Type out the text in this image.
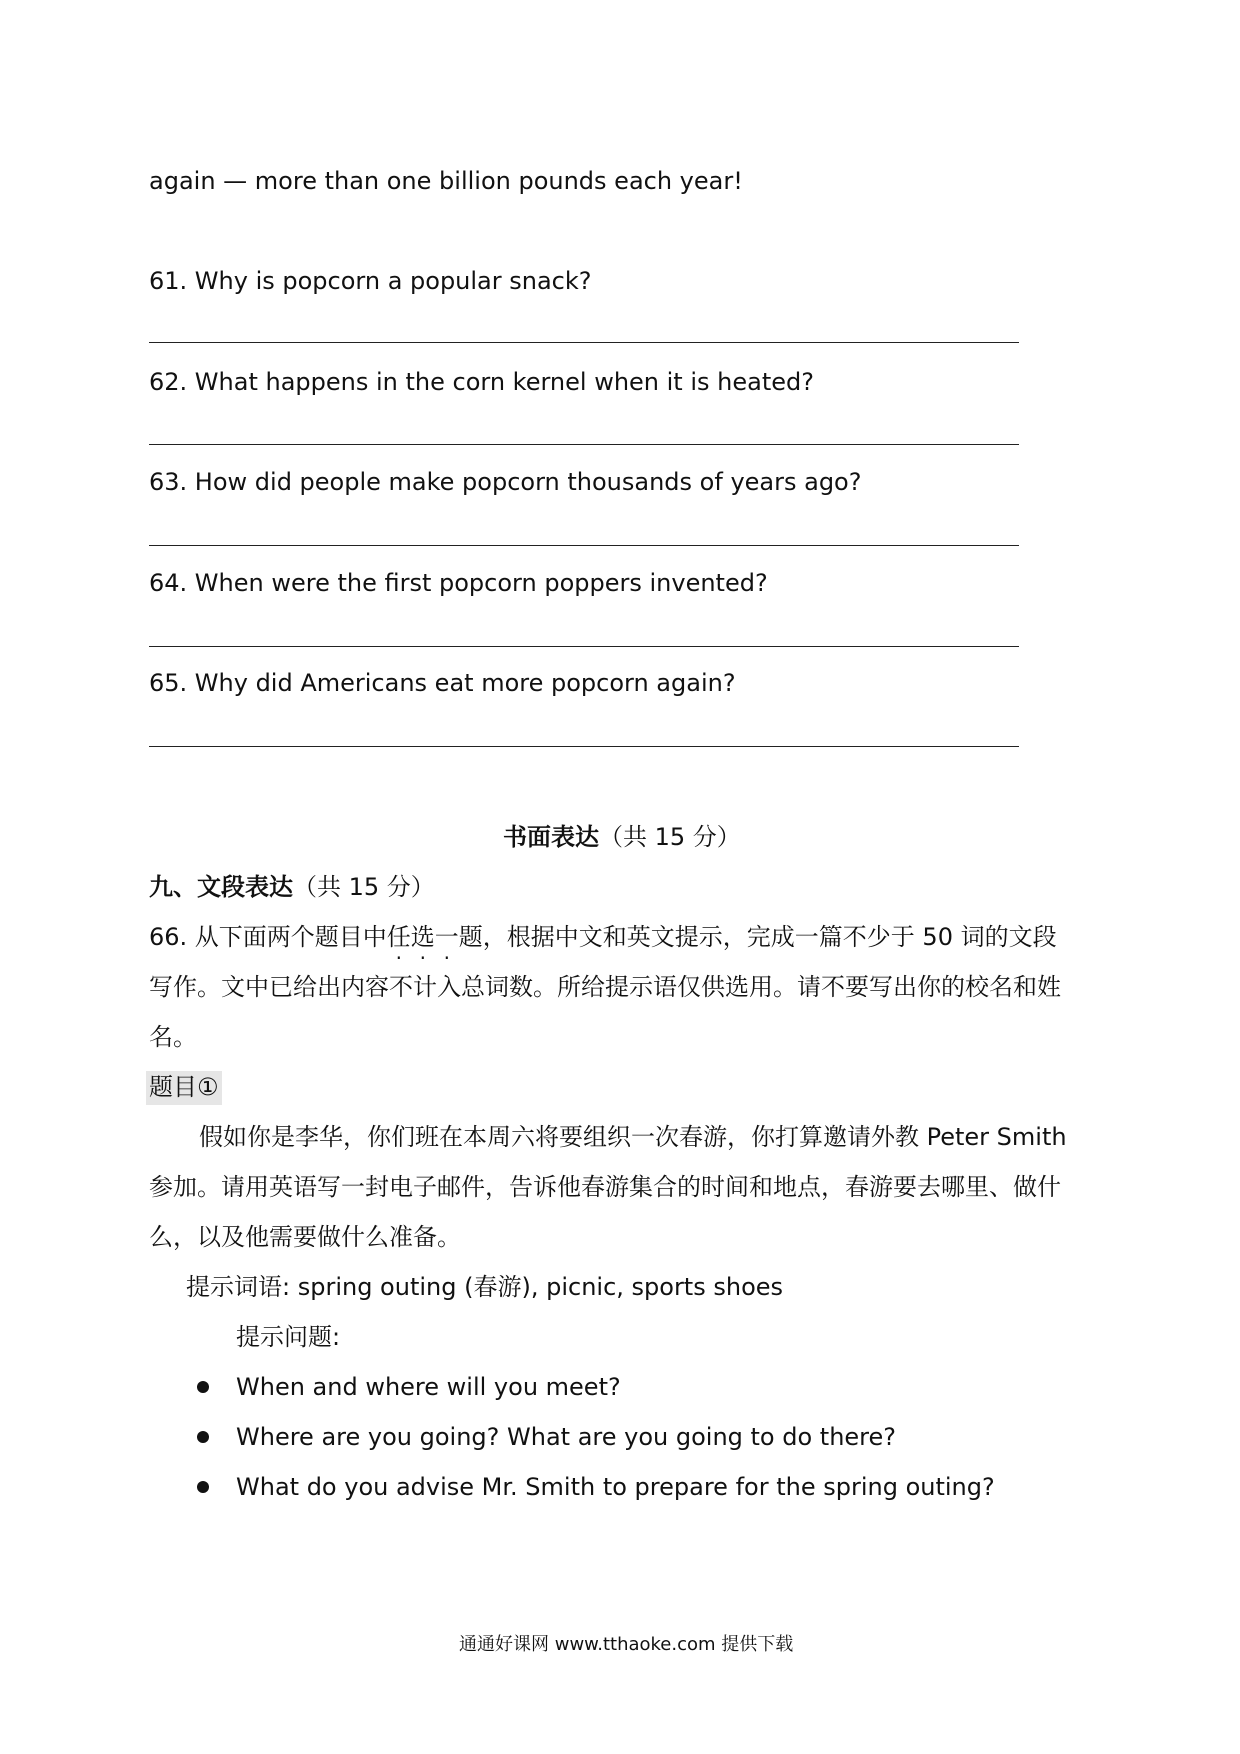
again — more than one billion pounds each year!
61. Why is popcorn a popular snack?
62. What happens in the corn kernel when it is heated?
63. How did people make popcorn thousands of years ago?
64. When were the first popcorn poppers invented?
65. Why did Americans eat more popcorn again?
书面表达（共 15 分）
九、文段表达（共 15 分）
66. 从下面两个题目中任选一题，根据中文和英文提示，完成一篇不少于 50 词的文段
写作。文中已给出内容不计入总词数。所给提示语仅供选用。请不要写出你的校名和姓
名。
题目①
假如你是李华，你们班在本周六将要组织一次春游，你打算邀请外教 Peter Smith
参加。请用英语写一封电子邮件，告诉他春游集合的时间和地点，春游要去哪里、做什
么，以及他需要做什么准备。
提示词语: spring outing (春游), picnic, sports shoes
提示问题:
When and where will you meet?
Where are you going? What are you going to do there?
What do you advise Mr. Smith to prepare for the spring outing?
通通好课网 www.tthaoke.com 提供下载
